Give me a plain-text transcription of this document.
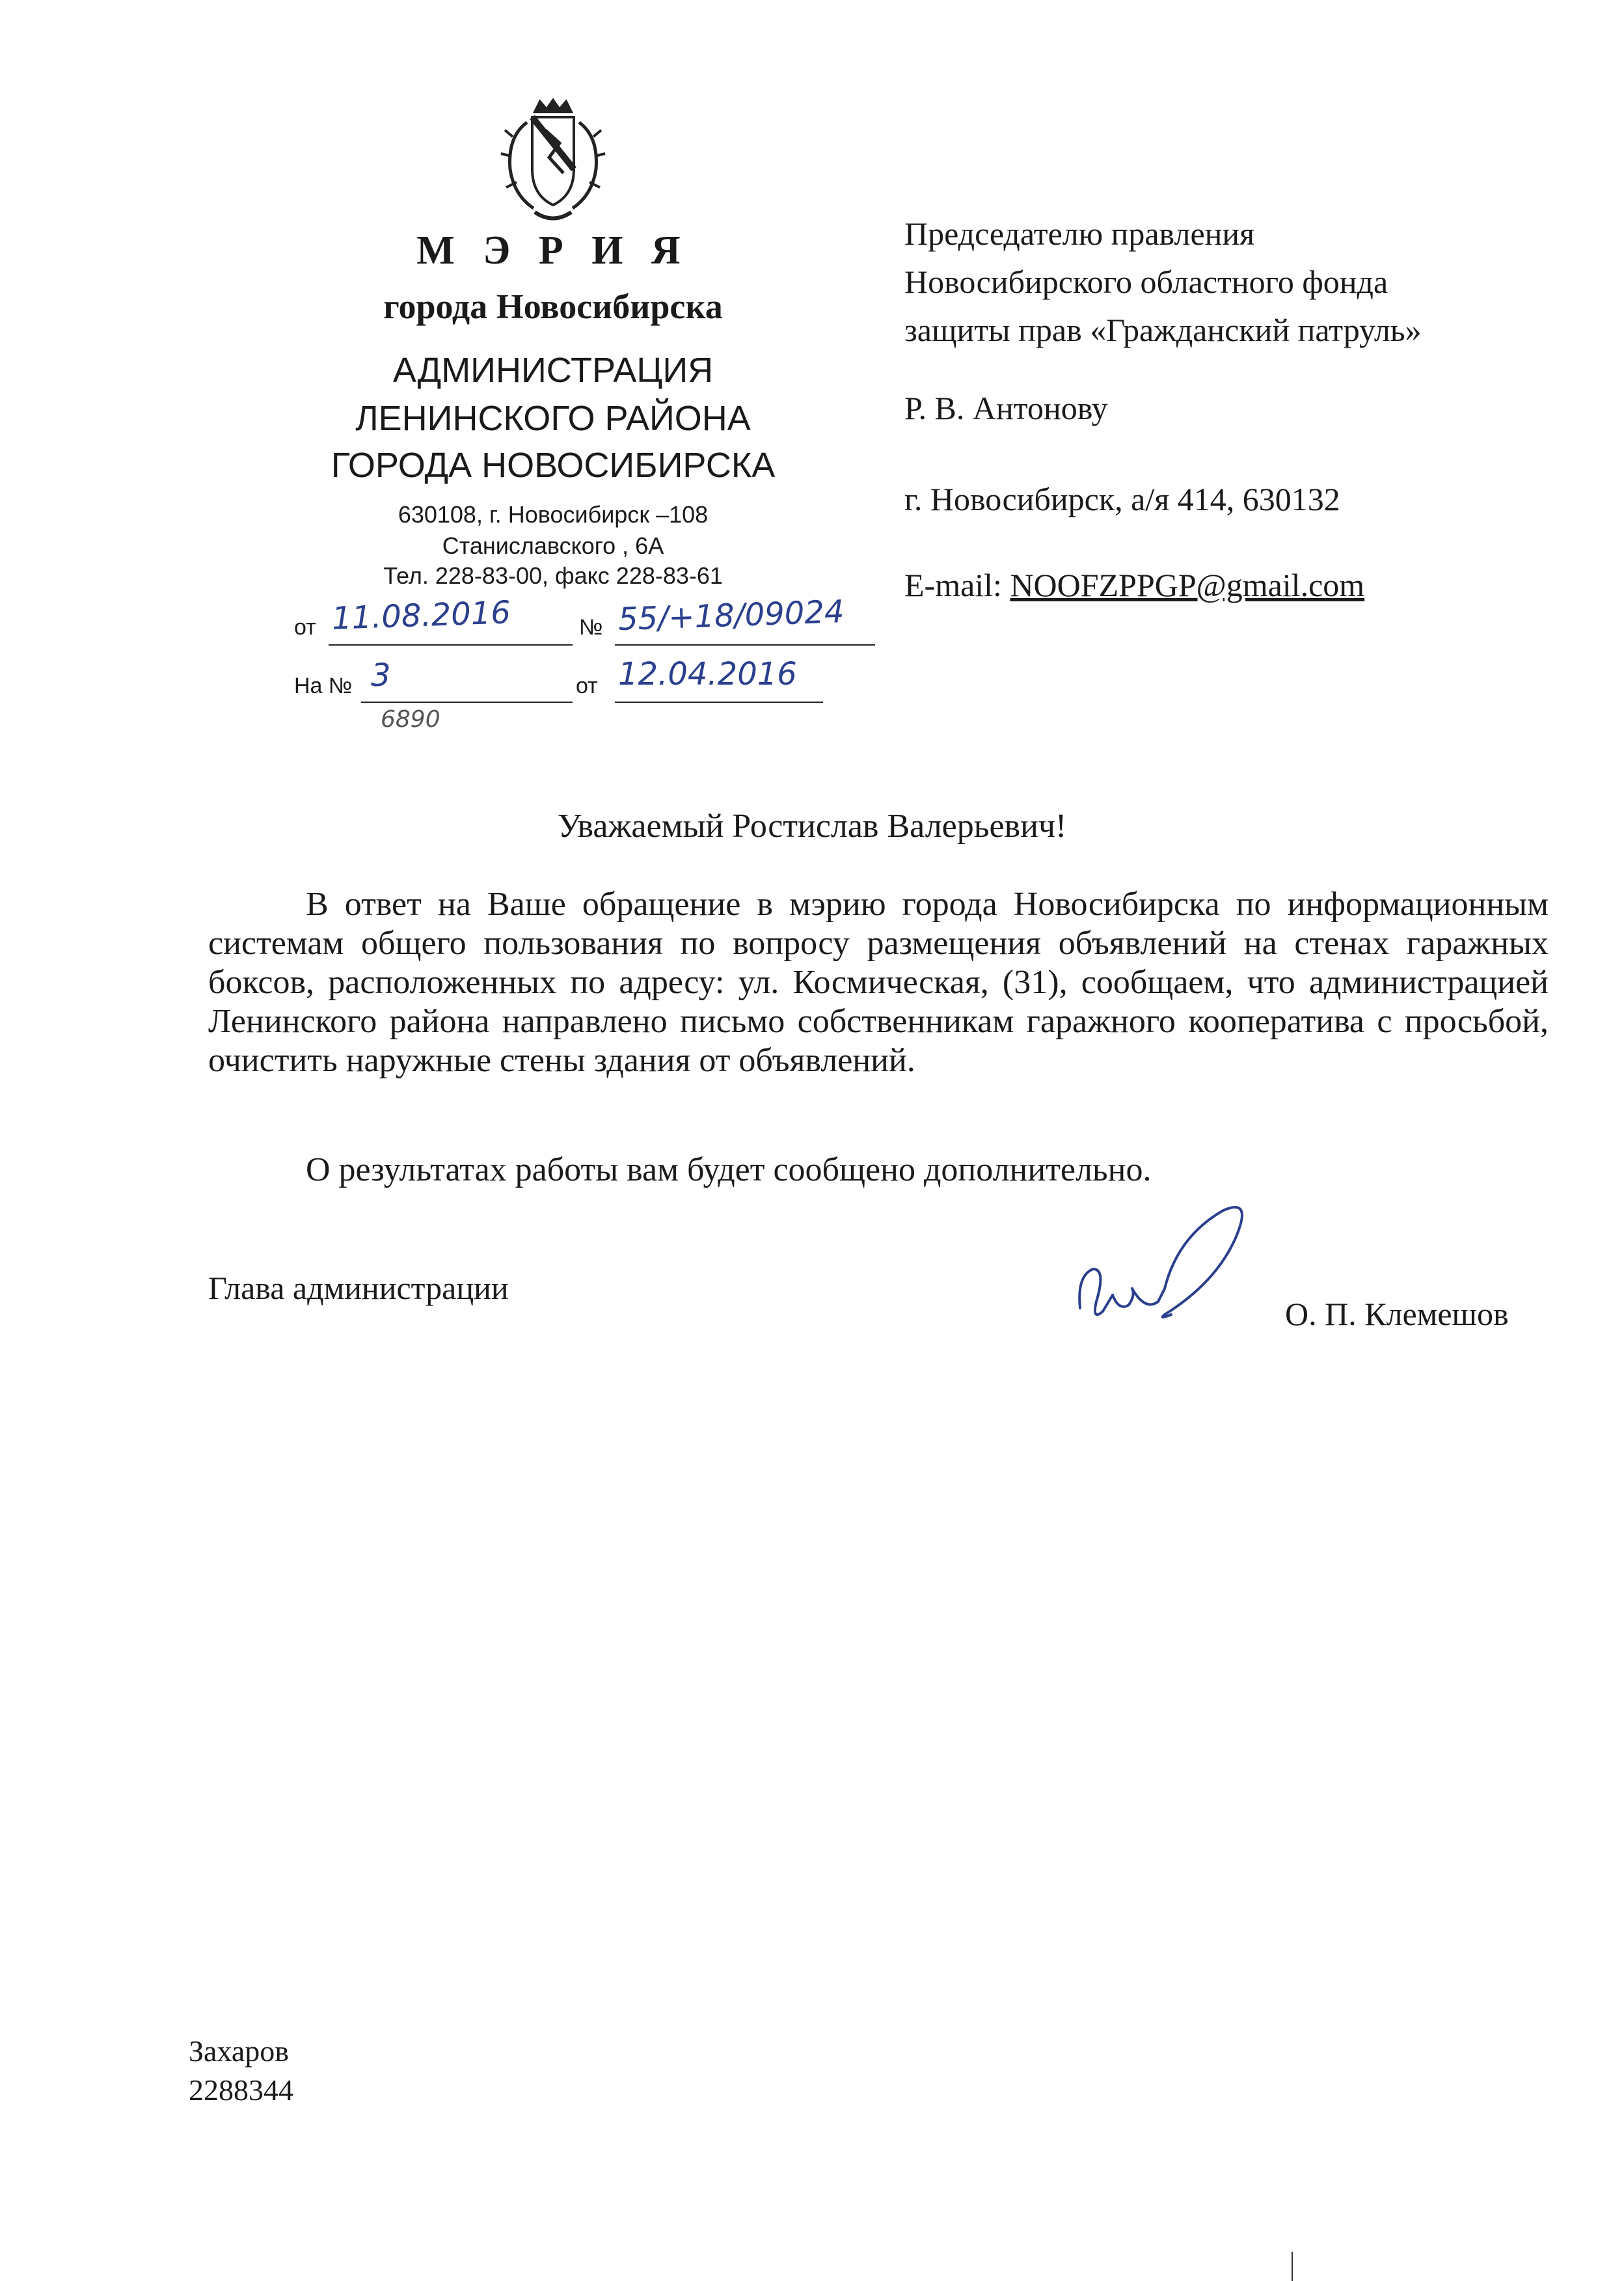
М Э Р И Я
города Новосибирска
АДМИНИСТРАЦИЯ
ЛЕНИНСКОГО РАЙОНА
ГОРОДА НОВОСИБИРСКА
630108, г. Новосибирск –108
Станиславского , 6А
Тел. 228-83-00, факс 228-83-61
от 11.08.2016	№ 55/+18/09024
На № 3
6890
от 12.04.2016
Председателю правления
Новосибирского областного фонда
защиты прав «Гражданский патруль»
Р. В. Антонову
г. Новосибирск, а/я 414, 630132
E-mail: NOOFZPPGP@gmail.com
Уважаемый Ростислав Валерьевич!
В ответ на Ваше обращение в мэрию города Новосибирска по информационным системам общего пользования по вопросу размещения объявлений на стенах гаражных боксов, расположенных по адресу: ул. Космическая, (31), сообщаем, что администрацией Ленинского района направлено письмо собственникам гаражного кооператива с просьбой, очистить наружные стены здания от объявлений.
О результатах работы вам будет сообщено дополнительно.
Глава администрации
О. П. Клемешов
Захаров
2288344
